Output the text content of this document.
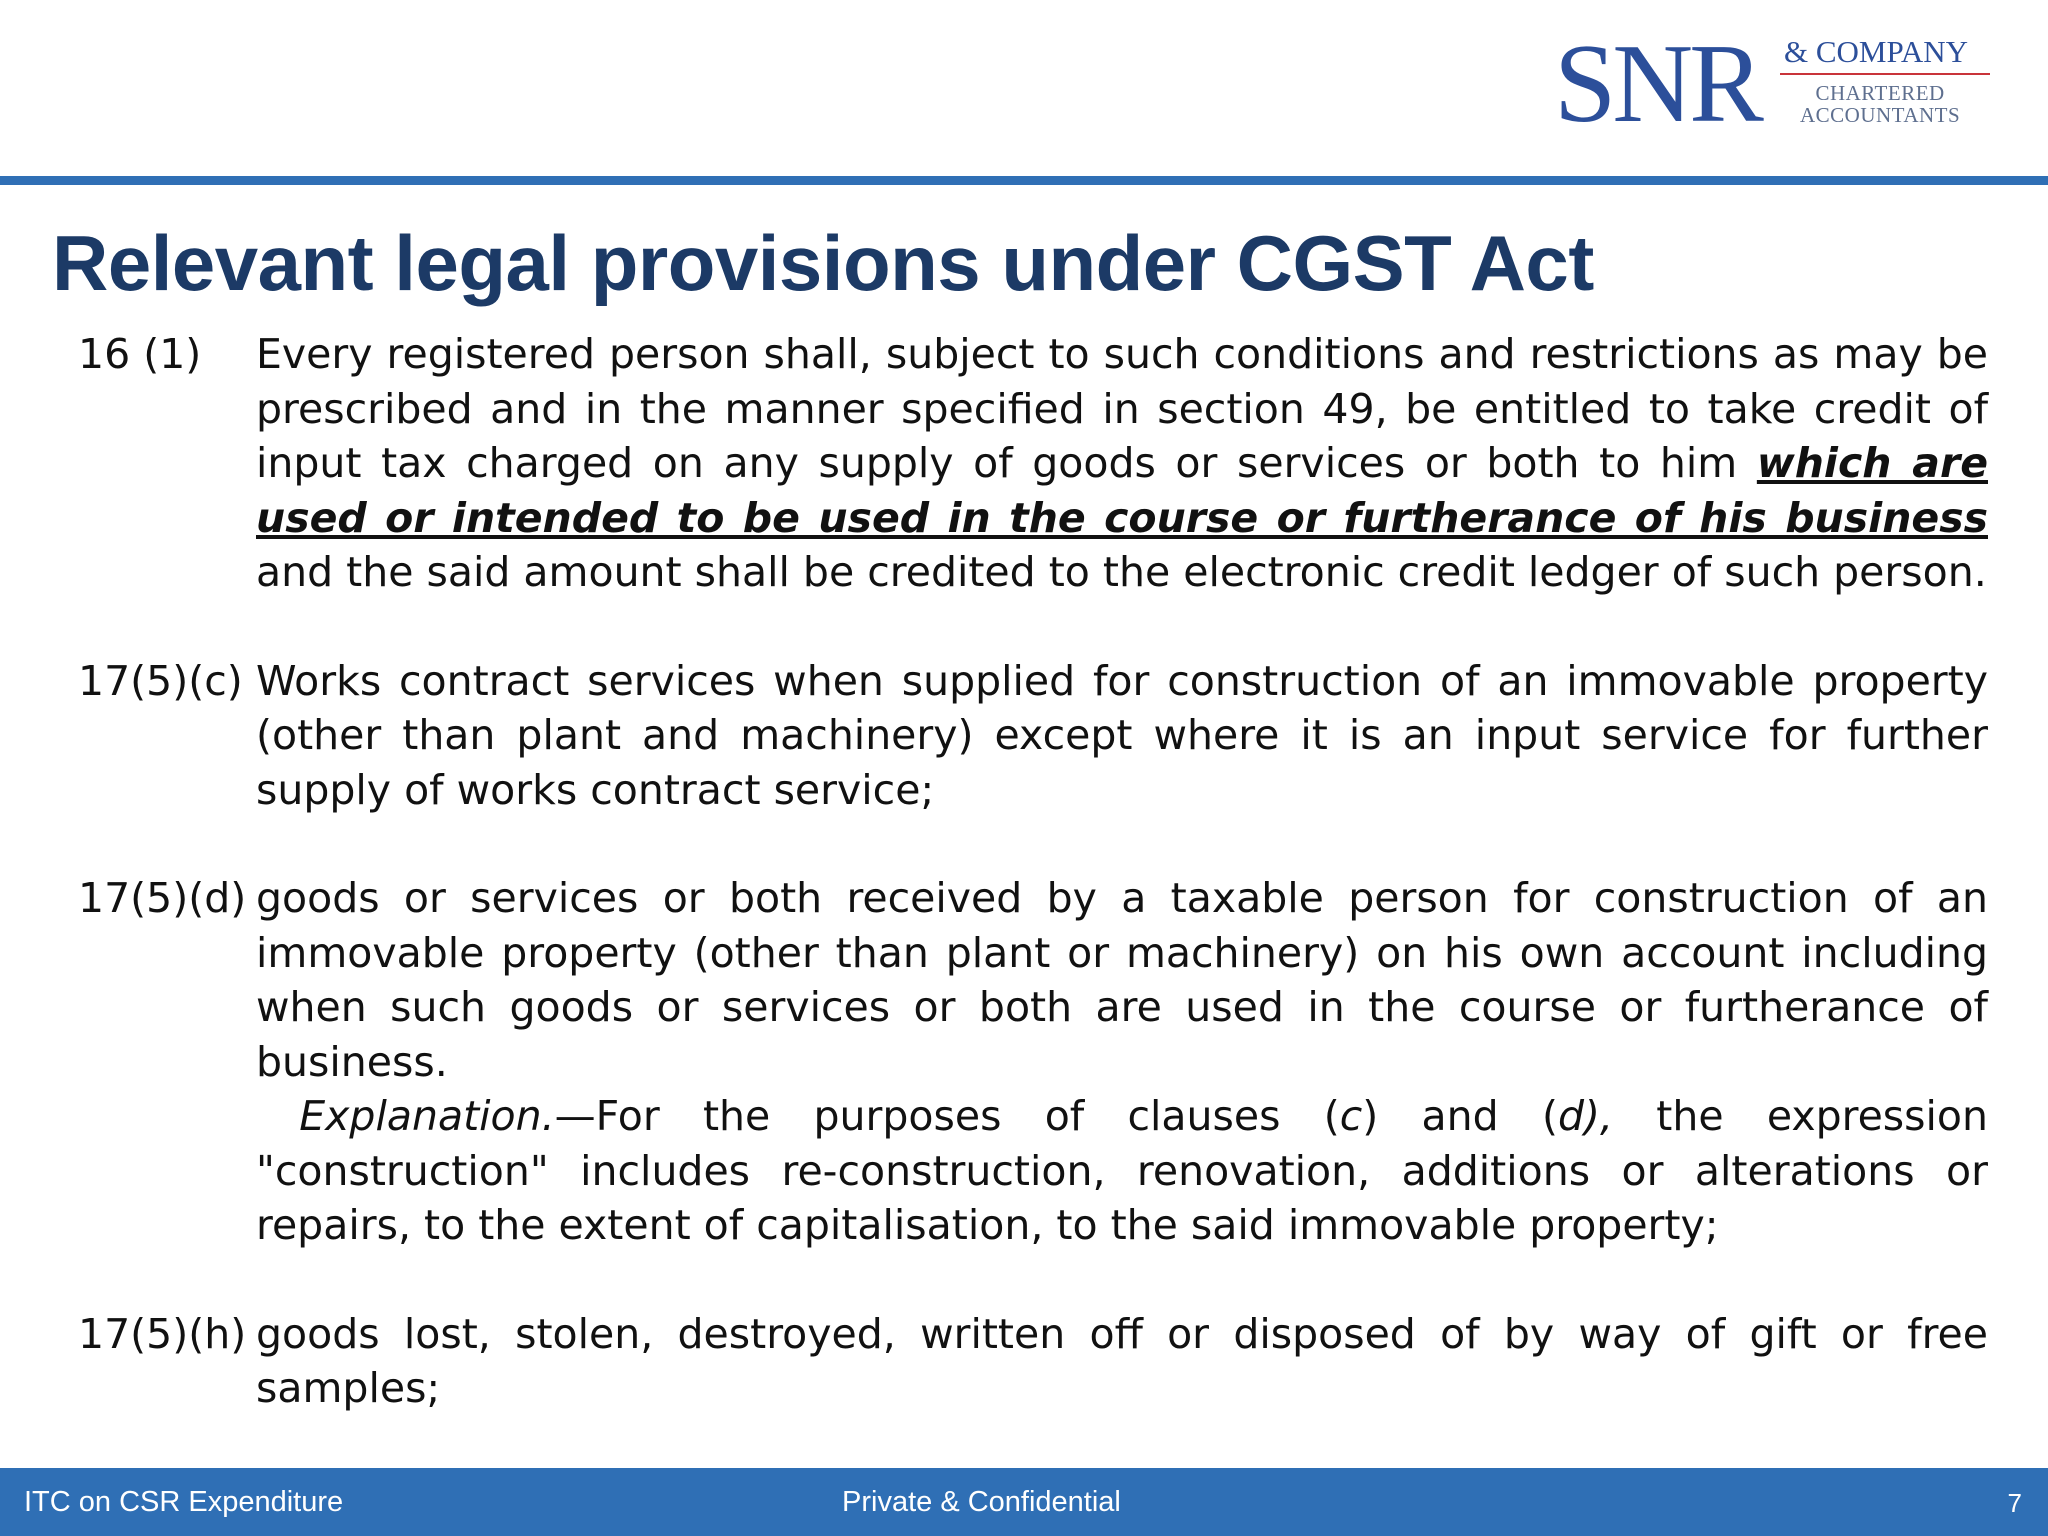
SNR & COMPANY
CHARTERED
ACCOUNTANTS
Relevant legal provisions under CGST Act
16 (1)	Every registered person shall, subject to such conditions and restrictions as may be prescribed and in the manner specified in section 49, be entitled to take credit of input tax charged on any supply of goods or services or both to him which are used or intended to be used in the course or furtherance of his business and the said amount shall be credited to the electronic credit ledger of such person.
17(5)(c) Works contract services when supplied for construction of an immovable property (other than plant and machinery) except where it is an input service for further supply of works contract service;
17(5)(d) goods or services or both received by a taxable person for construction of an immovable property (other than plant or machinery) on his own account including when such goods or services or both are used in the course or furtherance of business.
Explanation.—For the purposes of clauses (c) and (d), the expression "construction" includes re-construction, renovation, additions or alterations or repairs, to the extent of capitalisation, to the said immovable property;
17(5)(h) goods lost, stolen, destroyed, written off or disposed of by way of gift or free samples;
ITC on CSR Expenditure	Private & Confidential	7
